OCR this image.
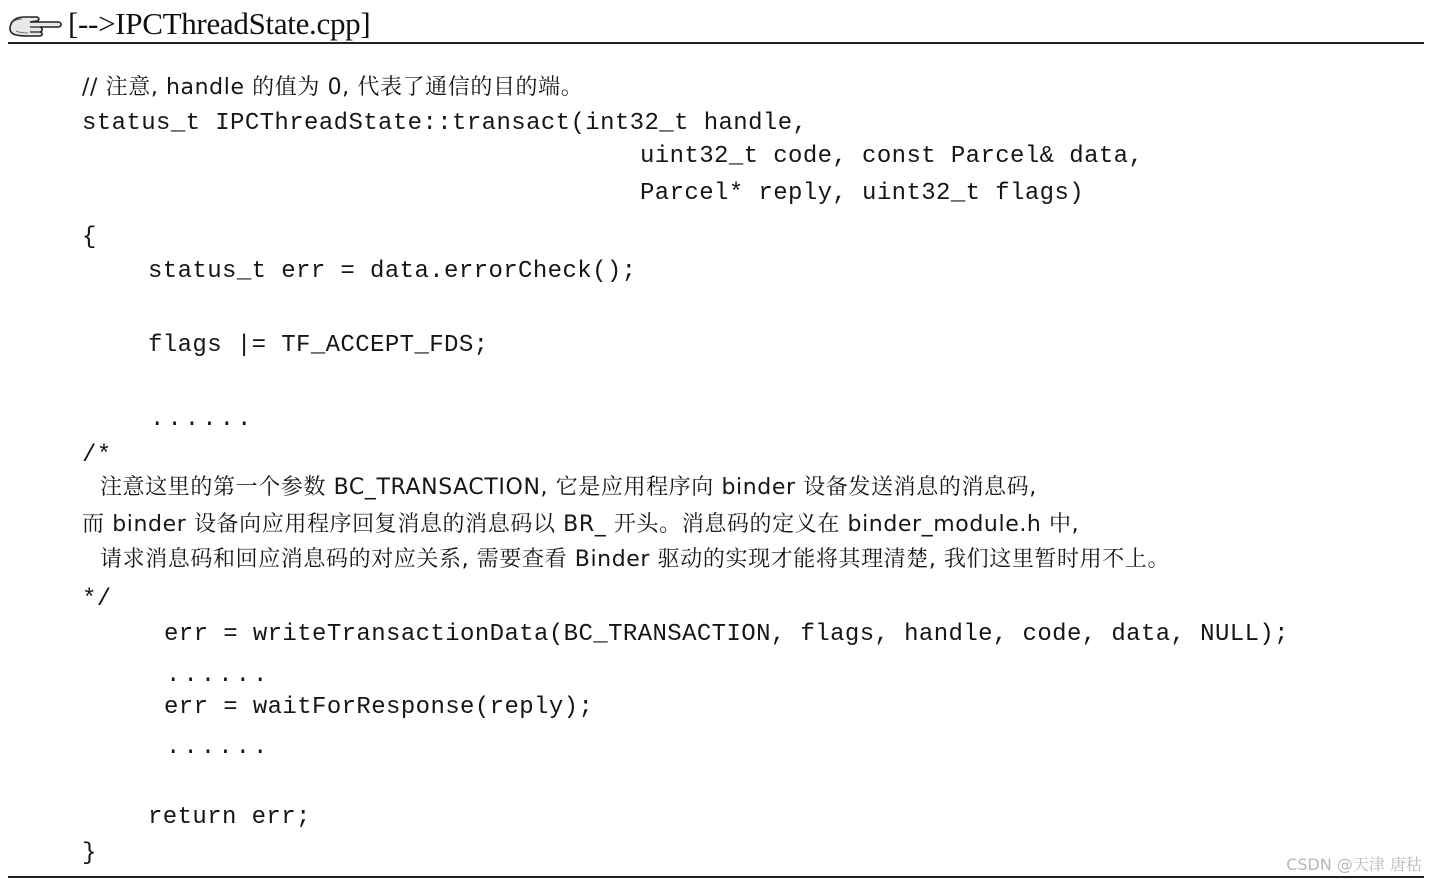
[-->IPCThreadState.cpp]
// 注意, handle 的值为 0, 代表了通信的目的端。
status_t IPCThreadState::transact(int32_t handle,
uint32_t code, const Parcel& data,
Parcel* reply, uint32_t flags)
{
status_t err = data.errorCheck();
flags |= TF_ACCEPT_FDS;
......
/*
注意这里的第一个参数 BC_TRANSACTION, 它是应用程序向 binder 设备发送消息的消息码,
而 binder 设备向应用程序回复消息的消息码以 BR_ 开头。消息码的定义在 binder_module.h 中,
请求消息码和回应消息码的对应关系, 需要查看 Binder 驱动的实现才能将其理清楚, 我们这里暂时用不上。
*/
err = writeTransactionData(BC_TRANSACTION, flags, handle, code, data, NULL);
......
err = waitForResponse(reply);
......
return err;
}	CSDN @天津 唐秙
